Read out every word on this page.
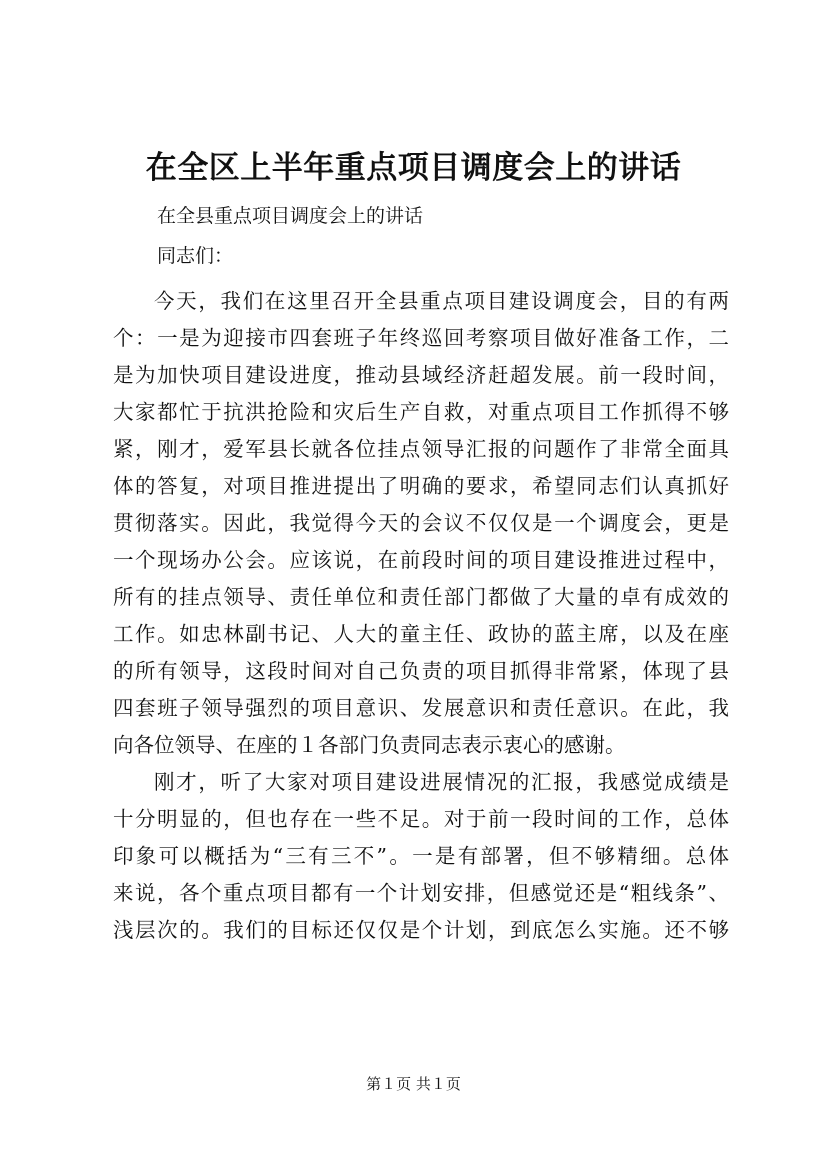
在全区上半年重点项目调度会上的讲话
在全县重点项目调度会上的讲话
同志们：
今天，我们在这里召开全县重点项目建设调度会，目的有两
个：一是为迎接市四套班子年终巡回考察项目做好准备工作，二
是为加快项目建设进度，推动县域经济赶超发展。前一段时间，
大家都忙于抗洪抢险和灾后生产自救，对重点项目工作抓得不够
紧，刚才，爱军县长就各位挂点领导汇报的问题作了非常全面具
体的答复，对项目推进提出了明确的要求，希望同志们认真抓好
贯彻落实。因此，我觉得今天的会议不仅仅是一个调度会，更是
一个现场办公会。应该说，在前段时间的项目建设推进过程中，
所有的挂点领导、责任单位和责任部门都做了大量的卓有成效的
工作。如忠林副书记、人大的童主任、政协的蓝主席，以及在座
的所有领导，这段时间对自己负责的项目抓得非常紧，体现了县
四套班子领导强烈的项目意识、发展意识和责任意识。在此，我
向各位领导、在座的１各部门负责同志表示衷心的感谢。
刚才，听了大家对项目建设进展情况的汇报，我感觉成绩是
十分明显的，但也存在一些不足。对于前一段时间的工作，总体
印象可以概括为“三有三不”。一是有部署，但不够精细。总体
来说，各个重点项目都有一个计划安排，但感觉还是“粗线条”、
浅层次的。我们的目标还仅仅是个计划，到底怎么实施。还不够
第１页 共１页
